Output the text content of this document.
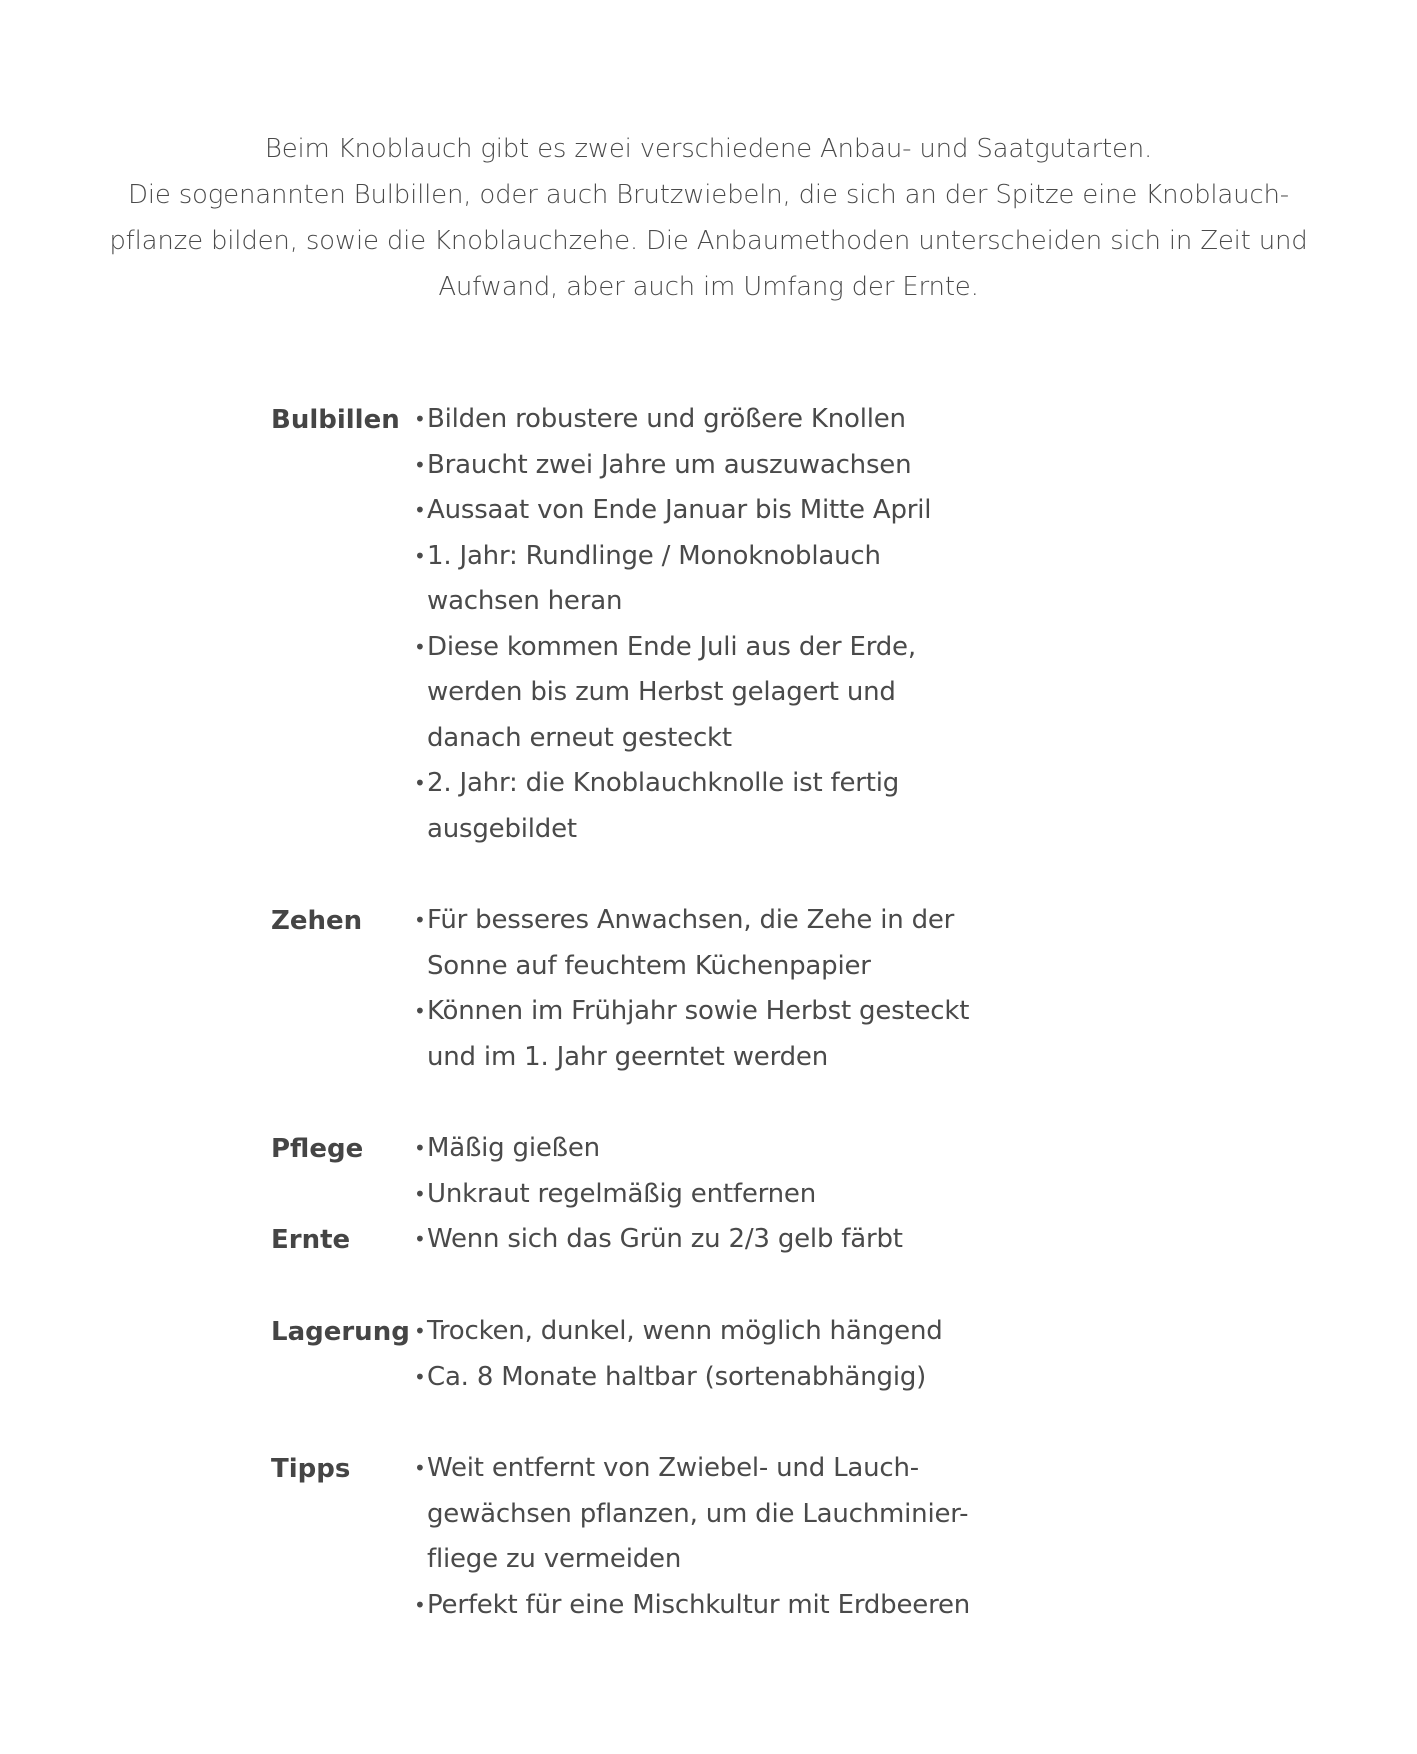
Beim Knoblauch gibt es zwei verschiedene Anbau- und Saatgutarten.
Die sogenannten Bulbillen, oder auch Brutzwiebeln, die sich an der Spitze eine Knoblauch-
pflanze bilden, sowie die Knoblauchzehe. Die Anbaumethoden unterscheiden sich in Zeit und
Aufwand, aber auch im Umfang der Ernte.
Bulbillen • Bilden robustere und größere Knollen
• Braucht zwei Jahre um auszuwachsen
• Aussaat von Ende Januar bis Mitte April
• 1. Jahr: Rundlinge / Monoknoblauch
wachsen heran
• Diese kommen Ende Juli aus der Erde,
werden bis zum Herbst gelagert und
danach erneut gesteckt
• 2. Jahr: die Knoblauchknolle ist fertig
ausgebildet
Zehen	• Für besseres Anwachsen, die Zehe in der
Sonne auf feuchtem Küchenpapier
• Können im Frühjahr sowie Herbst gesteckt
und im 1. Jahr geerntet werden
Pflege	• Mäßig gießen
• Unkraut regelmäßig entfernen
Ernte	• Wenn sich das Grün zu 2/3 gelb färbt
Lagerung • Trocken, dunkel, wenn möglich hängend
• Ca. 8 Monate haltbar (sortenabhängig)
Tipps	• Weit entfernt von Zwiebel- und Lauch-
gewächsen pflanzen, um die Lauchminier-
fliege zu vermeiden
• Perfekt für eine Mischkultur mit Erdbeeren
